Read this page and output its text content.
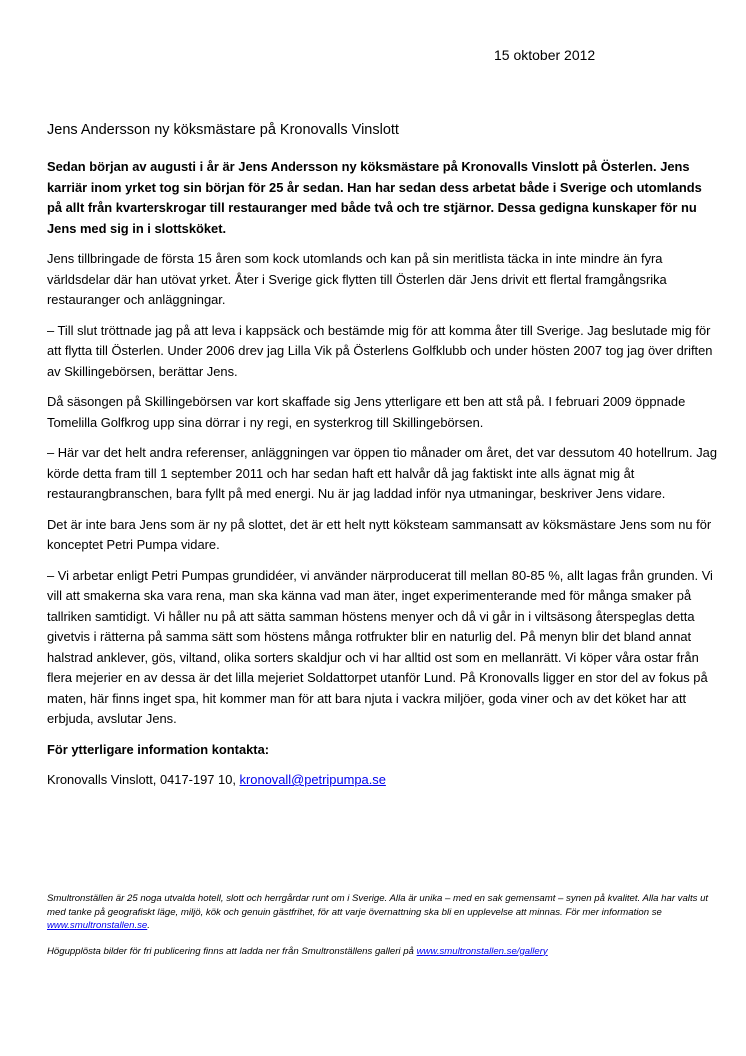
15 oktober 2012
Jens Andersson ny köksmästare på Kronovalls Vinslott

Sedan början av augusti i år är Jens Andersson ny köksmästare på Kronovalls Vinslott på Österlen. Jens karriär inom yrket tog sin början för 25 år sedan. Han har sedan dess arbetat både i Sverige och utomlands på allt från kvarterskrogar till restauranger med både två och tre stjärnor. Dessa gedigna kunskaper för nu Jens med sig in i slottsköket.

Jens tillbringade de första 15 åren som kock utomlands och kan på sin meritlista täcka in inte mindre än fyra världsdelar där han utövat yrket. Åter i Sverige gick flytten till Österlen där Jens drivit ett flertal framgångsrika restauranger och anläggningar.

– Till slut tröttnade jag på att leva i kappsäck och bestämde mig för att komma åter till Sverige. Jag beslutade mig för att flytta till Österlen. Under 2006 drev jag Lilla Vik på Österlens Golfklubb och under hösten 2007 tog jag över driften av Skillingebörsen, berättar Jens.

Då säsongen på Skillingebörsen var kort skaffade sig Jens ytterligare ett ben att stå på. I februari 2009 öppnade Tomelilla Golfkrog upp sina dörrar i ny regi, en systerkrog till Skillingebörsen.

– Här var det helt andra referenser, anläggningen var öppen tio månader om året, det var dessutom 40 hotellrum. Jag körde detta fram till 1 september 2011 och har sedan haft ett halvår då jag faktiskt inte alls ägnat mig åt restaurangbranschen, bara fyllt på med energi. Nu är jag laddad inför nya utmaningar, beskriver Jens vidare.

Det är inte bara Jens som är ny på slottet, det är ett helt nytt köksteam sammansatt av köksmästare Jens som nu för konceptet Petri Pumpa vidare.

– Vi arbetar enligt Petri Pumpas grundidéer, vi använder närproducerat till mellan 80-85 %, allt lagas från grunden. Vi vill att smakerna ska vara rena, man ska känna vad man äter, inget experimenterande med för många smaker på tallriken samtidigt. Vi håller nu på att sätta samman höstens menyer och då vi går in i viltsäsong återspeglas detta givetvis i rätterna på samma sätt som höstens många rotfrukter blir en naturlig del. På menyn blir det bland annat halstrad anklever, gös, viltand, olika sorters skaldjur och vi har alltid ost som en mellanrätt. Vi köper våra ostar från flera mejerier en av dessa är det lilla mejeriet Soldattorpet utanför Lund. På Kronovalls ligger en stor del av fokus på maten, här finns inget spa, hit kommer man för att bara njuta i vackra miljöer, goda viner och av det köket har att erbjuda, avslutar Jens.

För ytterligare information kontakta:

Kronovalls Vinslott, 0417-197 10, kronovall@petripumpa.se

Smultronställen är 25 noga utvalda hotell, slott och herrgårdar runt om i Sverige. Alla är unika – med en sak gemensamt – synen på kvalitet. Alla har valts ut med tanke på geografiskt läge, miljö, kök och genuin gästfrihet, för att varje övernattning ska bli en upplevelse att minnas. För mer information se www.smultronstallen.se.

Högupplösta bilder för fri publicering finns att ladda ner från Smultronställens galleri på www.smultronstallen.se/gallery
